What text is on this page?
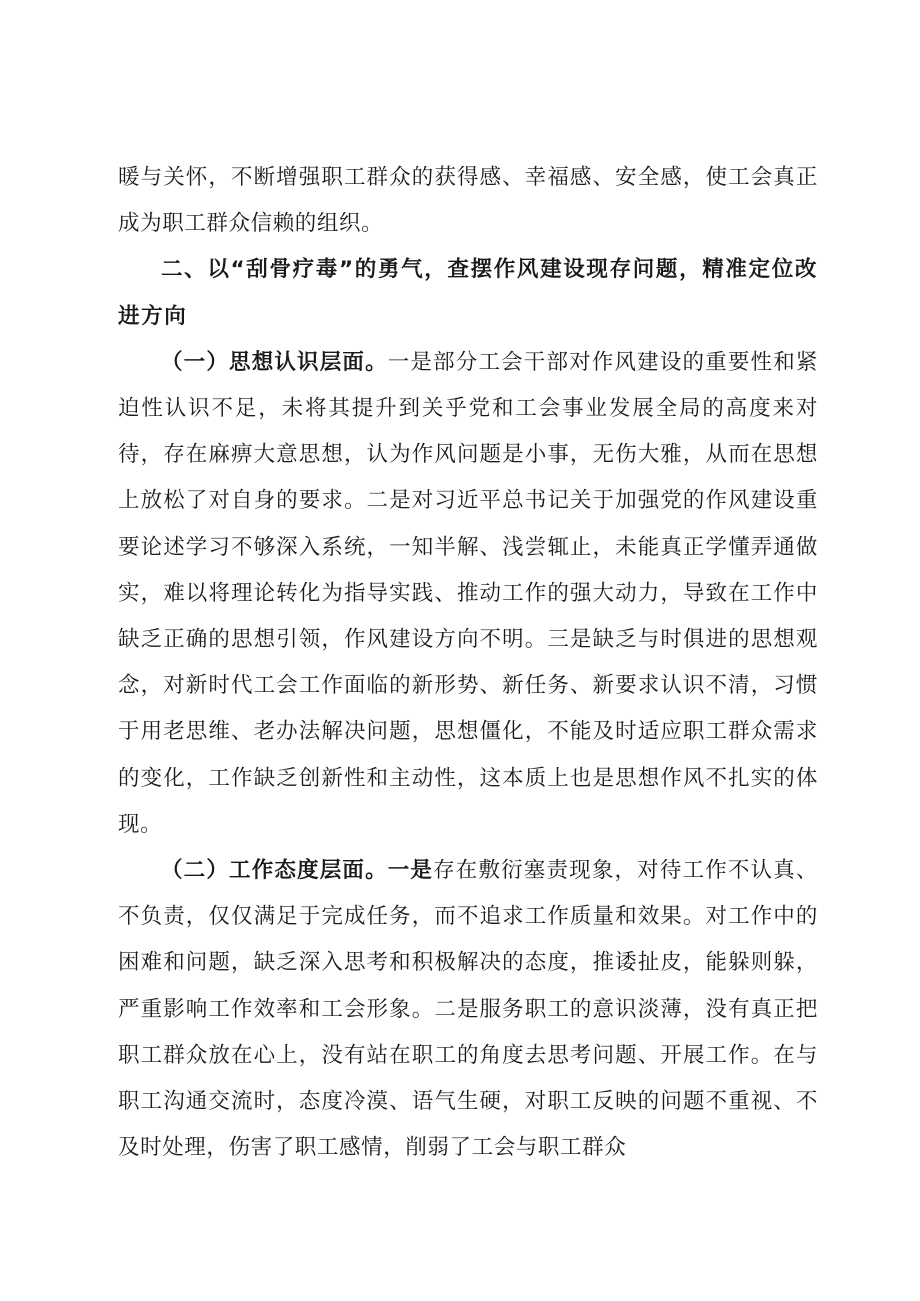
暖与关怀，不断增强职工群众的获得感、幸福感、安全感，使工会真正成为职工群众信赖的组织。

二、以“刮骨疗毒”的勇气，查摆作风建设现存问题，精准定位改进方向

（一）思想认识层面。一是部分工会干部对作风建设的重要性和紧迫性认识不足，未将其提升到关乎党和工会事业发展全局的高度来对待，存在麻痹大意思想，认为作风问题是小事，无伤大雅，从而在思想上放松了对自身的要求。二是对习近平总书记关于加强党的作风建设重要论述学习不够深入系统，一知半解、浅尝辄止，未能真正学懂弄通做实，难以将理论转化为指导实践、推动工作的强大动力，导致在工作中缺乏正确的思想引领，作风建设方向不明。三是缺乏与时俱进的思想观念，对新时代工会工作面临的新形势、新任务、新要求认识不清，习惯于用老思维、老办法解决问题，思想僵化，不能及时适应职工群众需求的变化，工作缺乏创新性和主动性，这本质上也是思想作风不扎实的体现。

（二）工作态度层面。一是存在敷衍塞责现象，对待工作不认真、不负责，仅仅满足于完成任务，而不追求工作质量和效果。对工作中的困难和问题，缺乏深入思考和积极解决的态度，推诿扯皮，能躲则躲，严重影响工作效率和工会形象。二是服务职工的意识淡薄，没有真正把职工群众放在心上，没有站在职工的角度去思考问题、开展工作。在与职工沟通交流时，态度冷漠、语气生硬，对职工反映的问题不重视、不及时处理，伤害了职工感情，削弱了工会与职工群众
